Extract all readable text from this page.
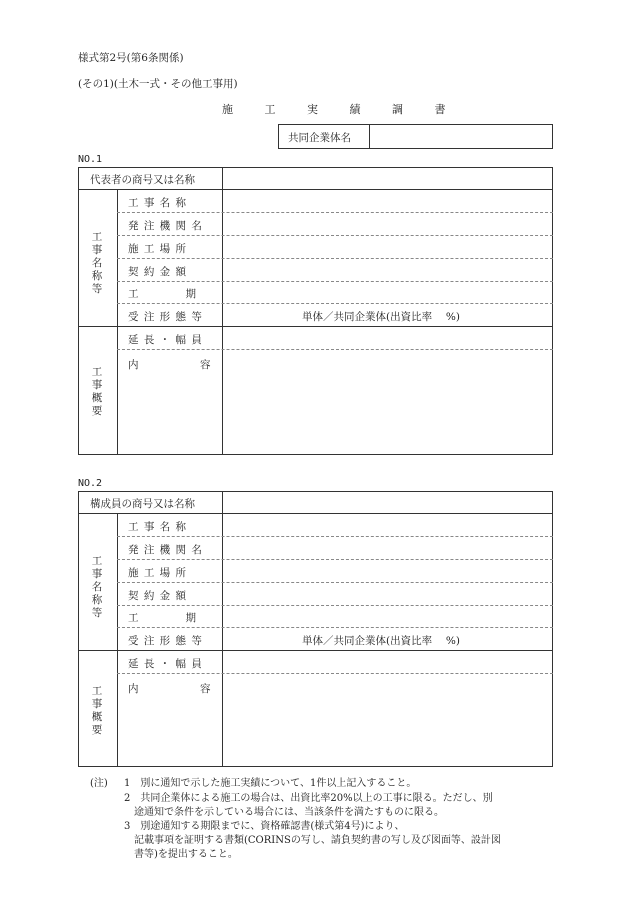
様式第2号(第6条関係)
(その1)(土木一式・その他工事用)
施 工 実 績 調 書
共同企業体名
NO.1
代表者の商号又は名称
工事名称等
工 事 名 称
発 注 機 関 名
施 工 場 所
契 約 金 額
工　　　　期
受 注 形 態 等	単体／共同企業体(出資比率　 %)
工事概要
延 長 ・ 幅 員
内	容
NO.2
構成員の商号又は名称
工事名称等
工 事 名 称
発 注 機 関 名
施 工 場 所
契 約 金 額
工　　　　期
受 注 形 態 等	単体／共同企業体(出資比率　 %)
工事概要
延 長 ・ 幅 員
内	容
(注) 1　別に通知で示した施工実績について、1件以上記入すること。
2　共同企業体による施工の場合は、出資比率20%以上の工事に限る。ただし、別
途通知で条件を示している場合には、当該条件を満たすものに限る。
3　別途通知する期限までに、資格確認書(様式第4号)により、
記載事項を証明する書類(CORINSの写し、請負契約書の写し及び図面等、設計図
書等)を提出すること。
